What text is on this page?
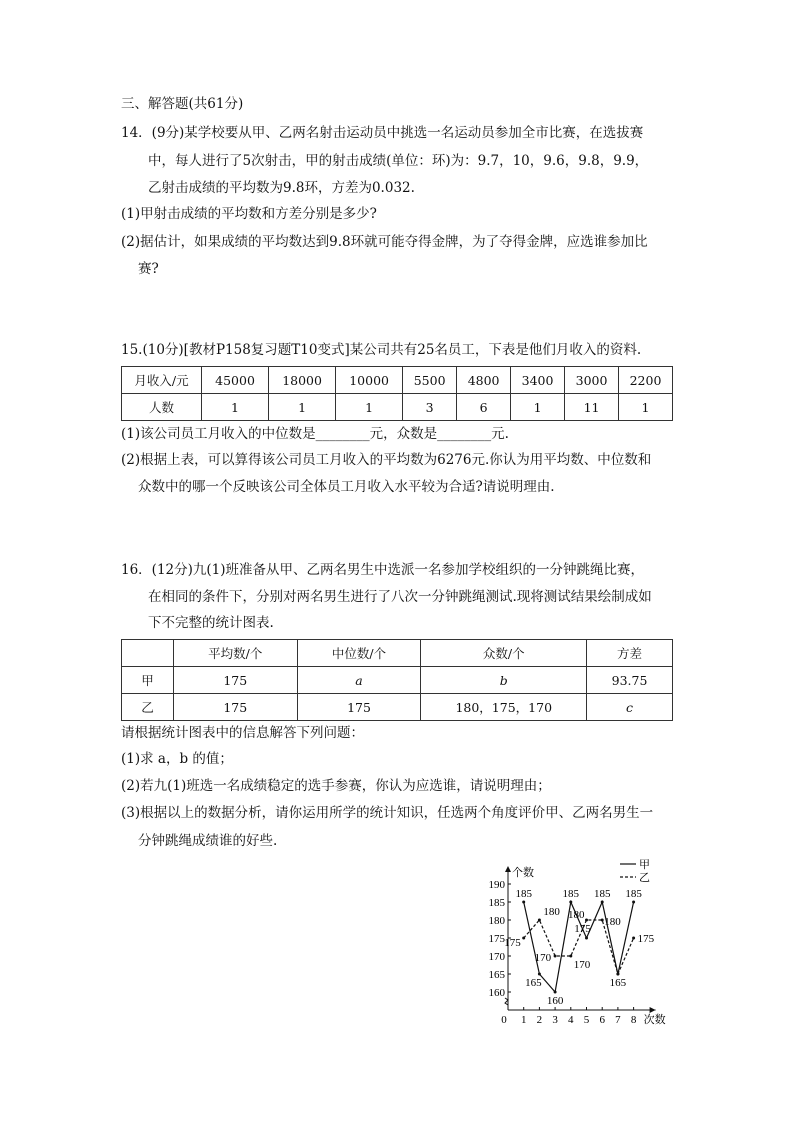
三、解答题(共61分)
14．(9分)某学校要从甲、乙两名射击运动员中挑选一名运动员参加全市比赛，在选拔赛
中，每人进行了5次射击，甲的射击成绩(单位：环)为：9.7，10，9.6，9.8，9.9，
乙射击成绩的平均数为9.8环，方差为0.032.
(1)甲射击成绩的平均数和方差分别是多少?
(2)据估计，如果成绩的平均数达到9.8环就可能夺得金牌，为了夺得金牌，应选谁参加比
赛?
15.(10分)[教材P158复习题T10变式]某公司共有25名员工，下表是他们月收入的资料.
月收入/元	45000	18000	10000	5500	4800	3400	3000	2200
人数	1	1	1	3	6	1	11	1
(1)该公司员工月收入的中位数是________元，众数是________元.
(2)根据上表，可以算得该公司员工月收入的平均数为6276元.你认为用平均数、中位数和
众数中的哪一个反映该公司全体员工月收入水平较为合适?请说明理由.
16．(12分)九(1)班准备从甲、乙两名男生中选派一名参加学校组织的一分钟跳绳比赛，
在相同的条件下，分别对两名男生进行了八次一分钟跳绳测试.现将测试结果绘制成如
下不完整的统计图表.
	平均数/个	中位数/个	众数/个	方差
甲	175	a	b	93.75
乙	175	175	180，175，170	c
请根据统计图表中的信息解答下列问题：
(1)求 a，b 的值；
(2)若九(1)班选一名成绩稳定的选手参赛，你认为应选谁，请说明理由；
(3)根据以上的数据分析，请你运用所学的统计知识，任选两个角度评价甲、乙两名男生一
分钟跳绳成绩谁的好些.
160
165
170
175
180
185
190
0 1 2 3 4 5 6 7 8
个数
次数
甲
乙
185
165
160
185
175
185
165
185
175
180
170
170
180
180
175
